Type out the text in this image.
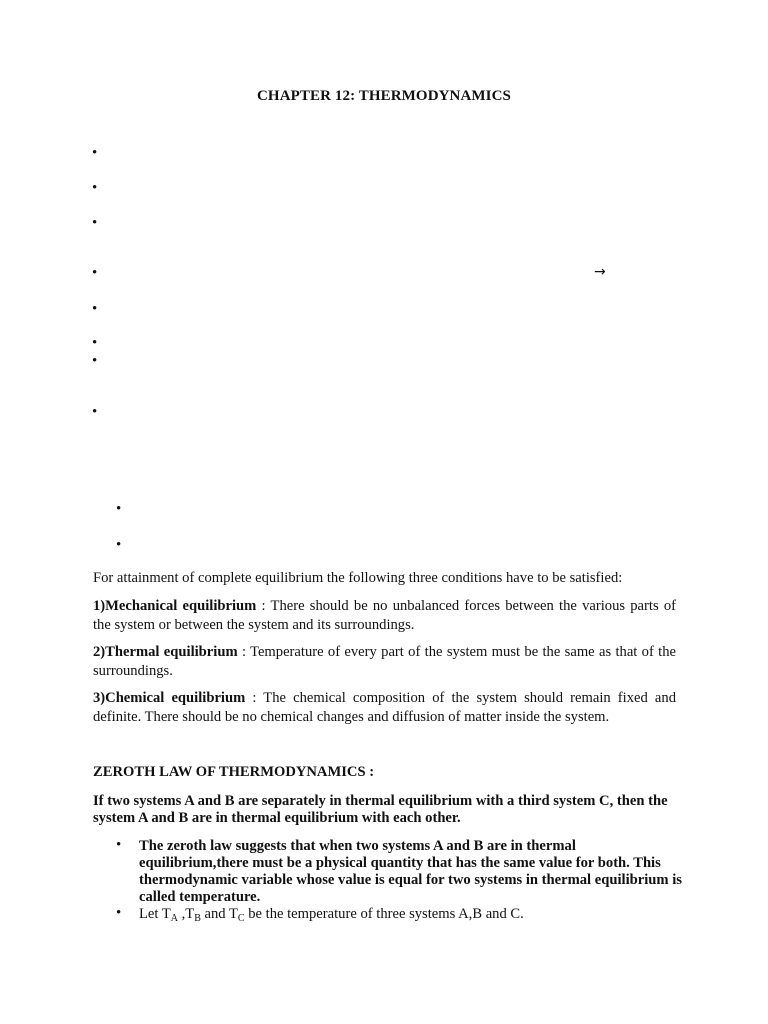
CHAPTER 12: THERMODYNAMICS
•
•
•
•	→
•
•
•
•
•
•
For attainment of complete equilibrium the following three conditions have to be satisfied:
1)Mechanical equilibrium : There should be no unbalanced forces between the various parts of the system or between the system and its surroundings.
2)Thermal equilibrium : Temperature of every part of the system must be the same as that of the surroundings.
3)Chemical equilibrium : The chemical composition of the system should remain fixed and definite. There should be no chemical changes and diffusion of matter inside the system.
ZEROTH LAW OF THERMODYNAMICS :
If two systems A and B are separately in thermal equilibrium with a third system C, then the system A and B are in thermal equilibrium with each other.
• The zeroth law suggests that when two systems A and B are in thermal equilibrium,there must be a physical quantity that has the same value for both. This thermodynamic variable whose value is equal for two systems in thermal equilibrium is called temperature.
• Let $T_A$ $,T_B$ and $T_C$ be the temperature of three systems A,B and C.
